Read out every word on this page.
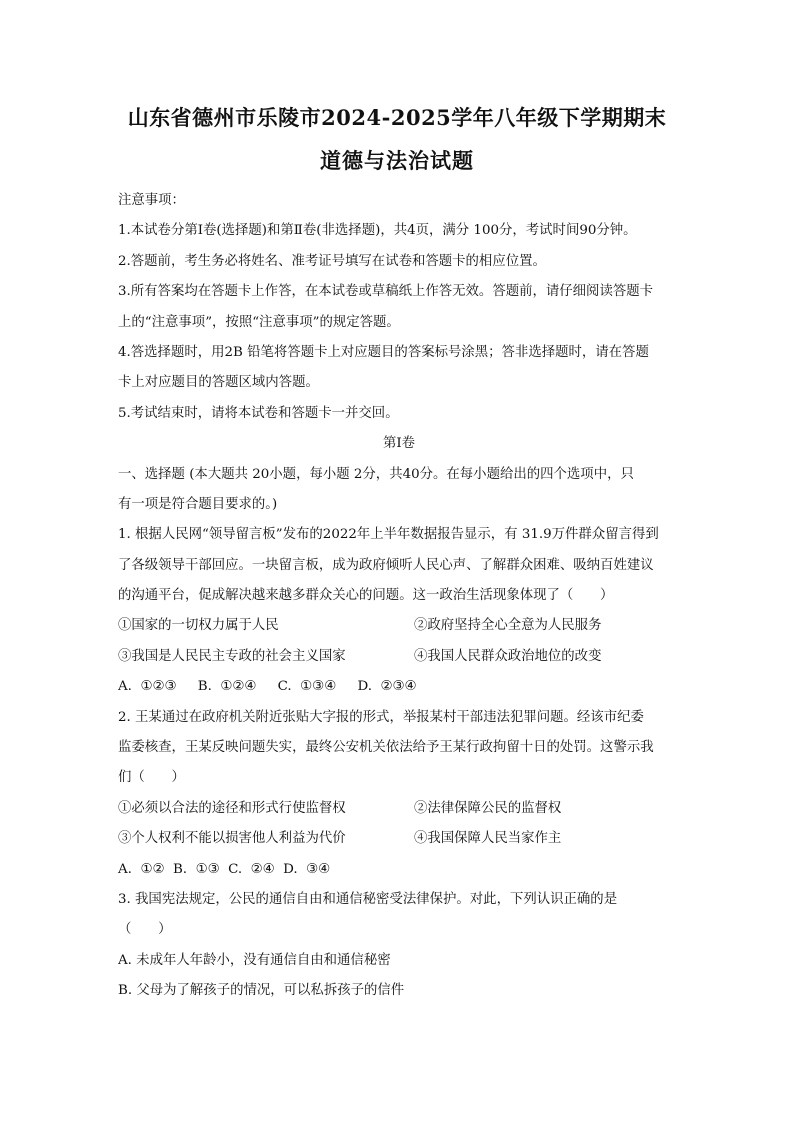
山东省德州市乐陵市2024-2025学年八年级下学期期末
道德与法治试题
注意事项：
1.本试卷分第Ⅰ卷(选择题)和第Ⅱ卷(非选择题)，共4页，满分 100分，考试时间90分钟。
2.答题前，考生务必将姓名、准考证号填写在试卷和答题卡的相应位置。
3.所有答案均在答题卡上作答，在本试卷或草稿纸上作答无效。答题前，请仔细阅读答题卡
上的“注意事项”，按照“注意事项”的规定答题。
4.答选择题时，用2B 铅笔将答题卡上对应题目的答案标号涂黑；答非选择题时，请在答题
卡上对应题目的答题区域内答题。
5.考试结束时，请将本试卷和答题卡一并交回。
第Ⅰ卷
一、选择题 (本大题共 20小题，每小题 2分，共40分。在每小题给出的四个选项中，只
有一项是符合题目要求的。)
1. 根据人民网“领导留言板”发布的2022年上半年数据报告显示，有 31.9万件群众留言得到
了各级领导干部回应。一块留言板，成为政府倾听人民心声、了解群众困难、吸纳百姓建议
的沟通平台，促成解决越来越多群众关心的问题。这一政治生活现象体现了（　　）
①国家的一切权力属于人民	②政府坚持全心全意为人民服务
③我国是人民民主专政的社会主义国家	④我国人民群众政治地位的改变
A.  ①②③     B.  ①②④     C.  ①③④     D.  ②③④
2. 王某通过在政府机关附近张贴大字报的形式，举报某村干部违法犯罪问题。经该市纪委
监委核查，王某反映问题失实，最终公安机关依法给予王某行政拘留十日的处罚。这警示我
们（　　）
①必须以合法的途径和形式行使监督权	②法律保障公民的监督权
③个人权利不能以损害他人利益为代价	④我国保障人民当家作主
A.  ①②  B.  ①③  C.  ②④  D.  ③④
3. 我国宪法规定，公民的通信自由和通信秘密受法律保护。对此，下列认识正确的是
（　　）
A. 未成年人年龄小，没有通信自由和通信秘密
B. 父母为了解孩子的情况，可以私拆孩子的信件
